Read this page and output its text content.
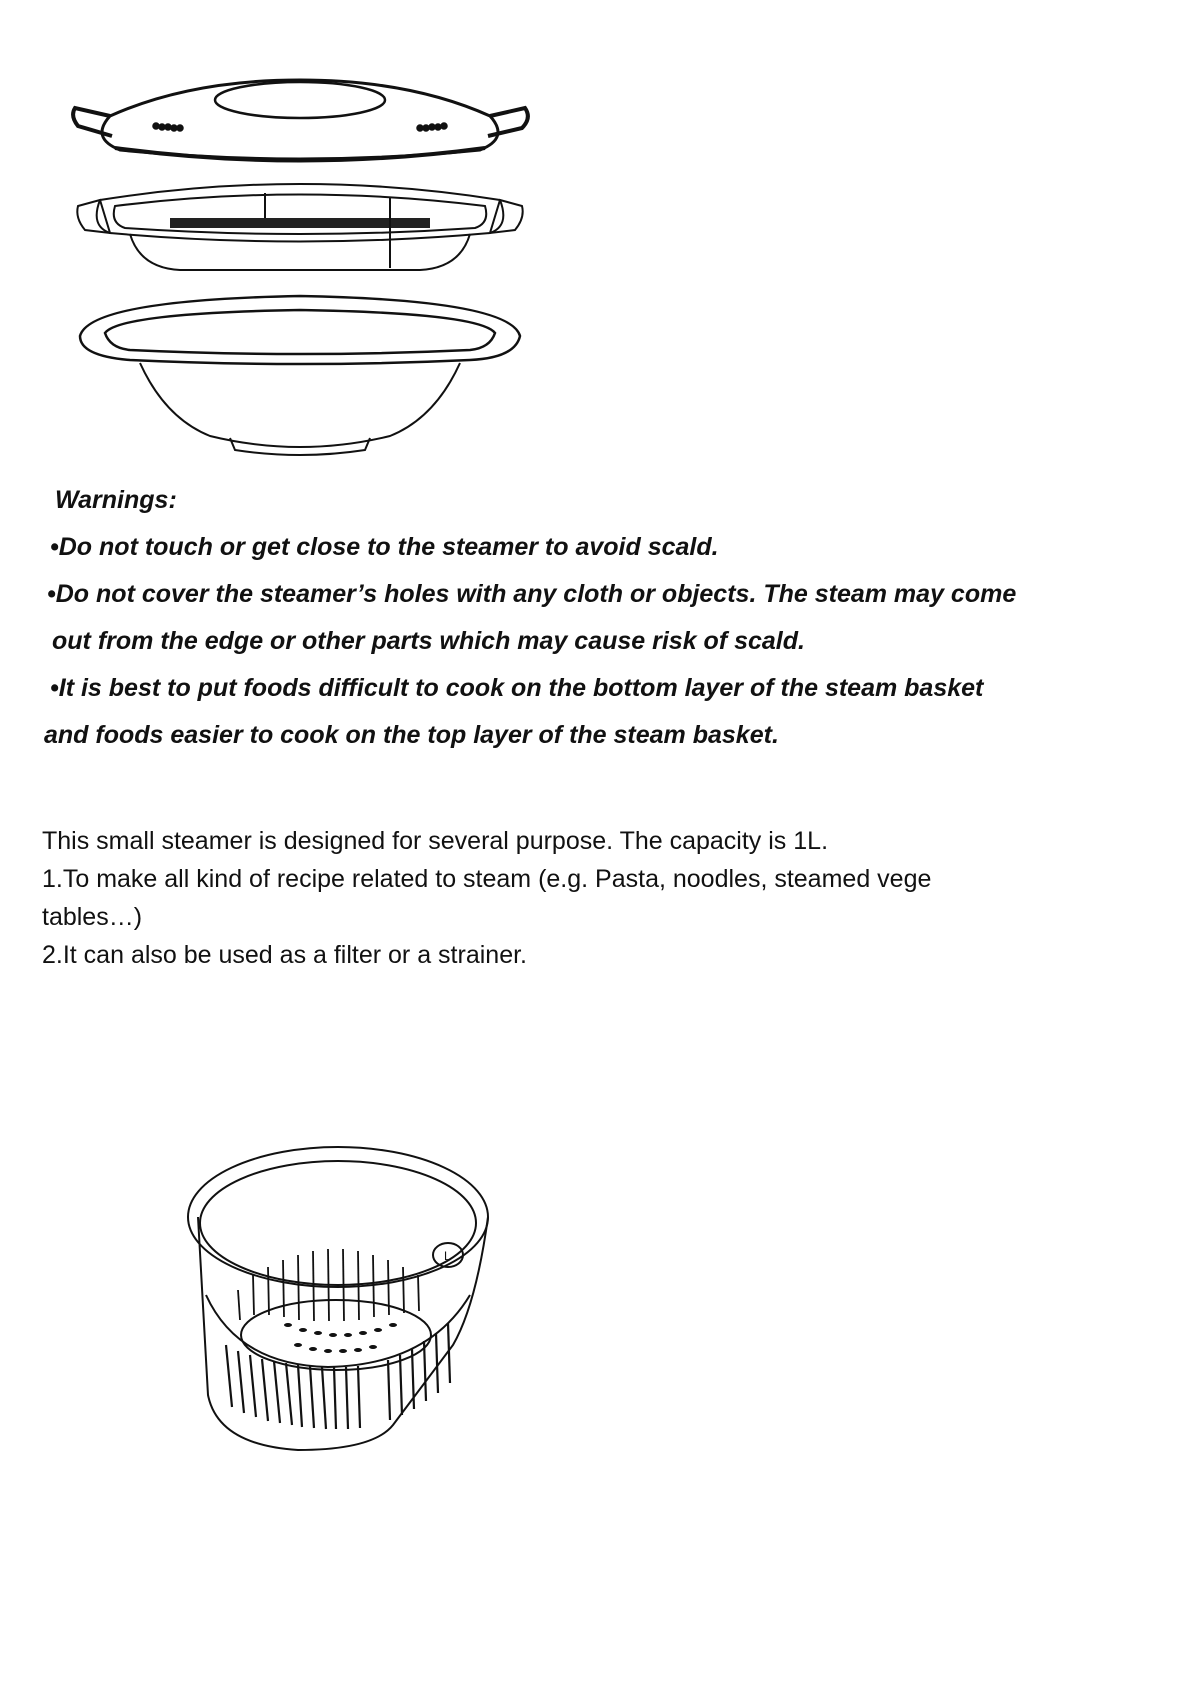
Warnings:
•Do not touch or get close to the steamer to avoid scald.
•Do not cover the steamer’s holes with any cloth or objects. The steam may come
out from the edge or other parts which may cause risk of scald.
•It is best to put foods difficult to cook on the bottom layer of the steam basket
and foods easier to cook on the top layer of the steam basket.
This small steamer is designed for several purpose. The capacity is 1L.
1.To make all kind of recipe related to steam (e.g. Pasta, noodles, steamed vege
tables…)
2.It can also be used as a filter or a strainer.
L
